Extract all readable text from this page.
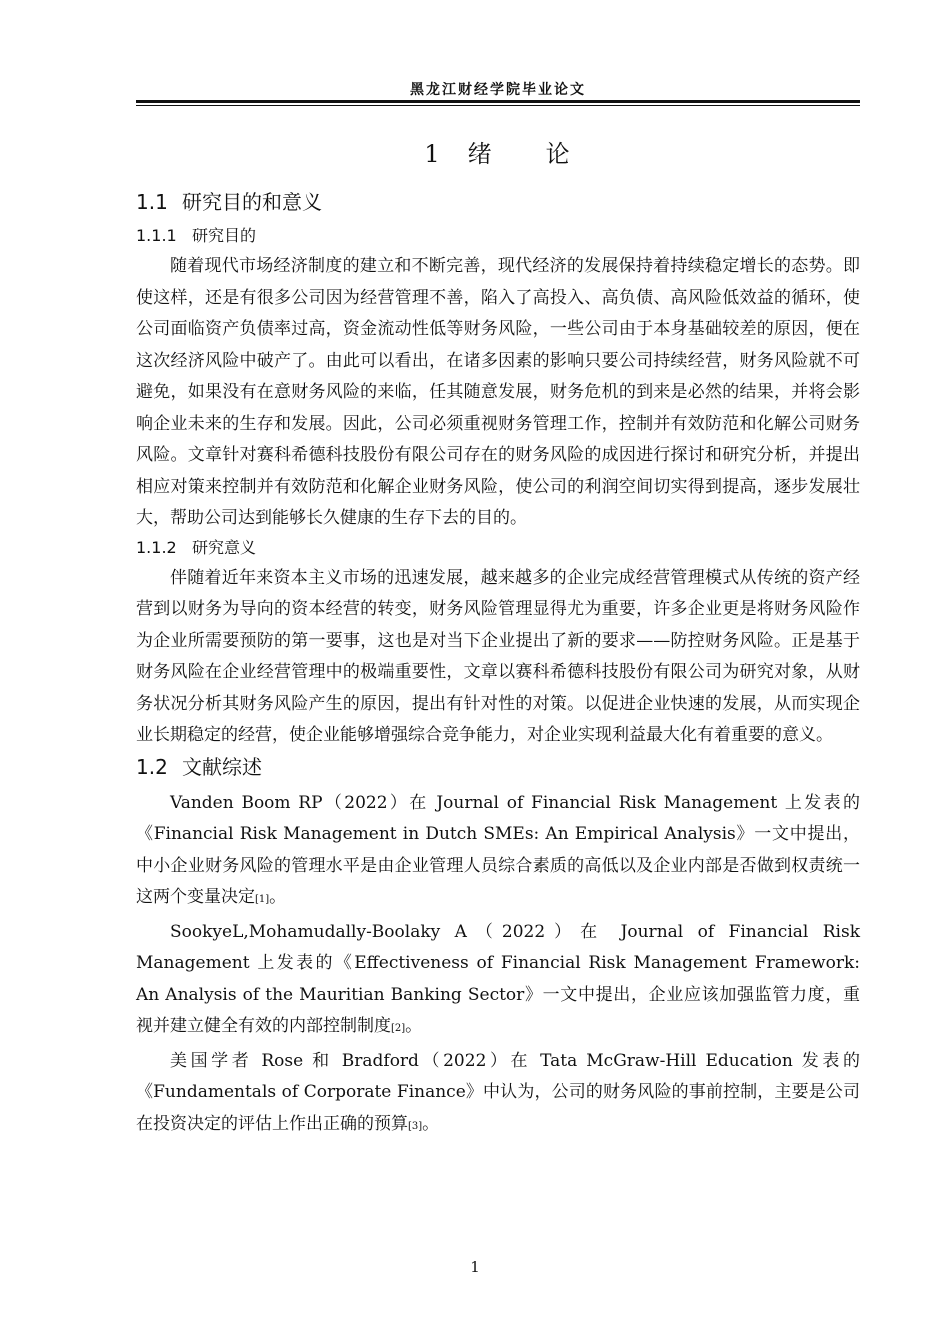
黑龙江财经学院毕业论文
1　绪　　论
1.1 研究目的和意义
1.1.1 研究目的

随着现代市场经济制度的建立和不断完善，现代经济的发展保持着持续稳定增长的态势。即使这样，还是有很多公司因为经营管理不善，陷入了高投入、高负债、高风险低效益的循环，使公司面临资产负债率过高，资金流动性低等财务风险，一些公司由于本身基础较差的原因，便在这次经济风险中破产了。由此可以看出，在诸多因素的影响只要公司持续经营，财务风险就不可避免，如果没有在意财务风险的来临，任其随意发展，财务危机的到来是必然的结果，并将会影响企业未来的生存和发展。因此，公司必须重视财务管理工作，控制并有效防范和化解公司财务风险。文章针对赛科希德科技股份有限公司存在的财务风险的成因进行探讨和研究分析，并提出相应对策来控制并有效防范和化解企业财务风险，使公司的利润空间切实得到提高，逐步发展壮大，帮助公司达到能够长久健康的生存下去的目的。

1.1.2 研究意义

伴随着近年来资本主义市场的迅速发展，越来越多的企业完成经营管理模式从传统的资产经营到以财务为导向的资本经营的转变，财务风险管理显得尤为重要，许多企业更是将财务风险作为企业所需要预防的第一要事，这也是对当下企业提出了新的要求——防控财务风险。正是基于财务风险在企业经营管理中的极端重要性，文章以赛科希德科技股份有限公司为研究对象，从财务状况分析其财务风险产生的原因，提出有针对性的对策。以促进企业快速的发展，从而实现企业长期稳定的经营，使企业能够增强综合竞争能力，对企业实现利益最大化有着重要的意义。

1.2 文献综述

Vanden Boom RP（2022）在 Journal of Financial Risk Management 上发表的《Financial Risk Management in Dutch SMEs: An Empirical Analysis》一文中提出，中小企业财务风险的管理水平是由企业管理人员综合素质的高低以及企业内部是否做到权责统一这两个变量决定[1]。

SookyeL,Mohamudally-Boolaky A（2022）在 Journal of Financial Risk Management 上发表的《Effectiveness of Financial Risk Management Framework: An Analysis of the Mauritian Banking Sector》一文中提出，企业应该加强监管力度，重视并建立健全有效的内部控制制度[2]。

美国学者 Rose 和 Bradford（2022）在 Tata McGraw-Hill Education 发表的《Fundamentals of Corporate Finance》中认为，公司的财务风险的事前控制，主要是公司在投资决定的评估上作出正确的预算[3]。

1
